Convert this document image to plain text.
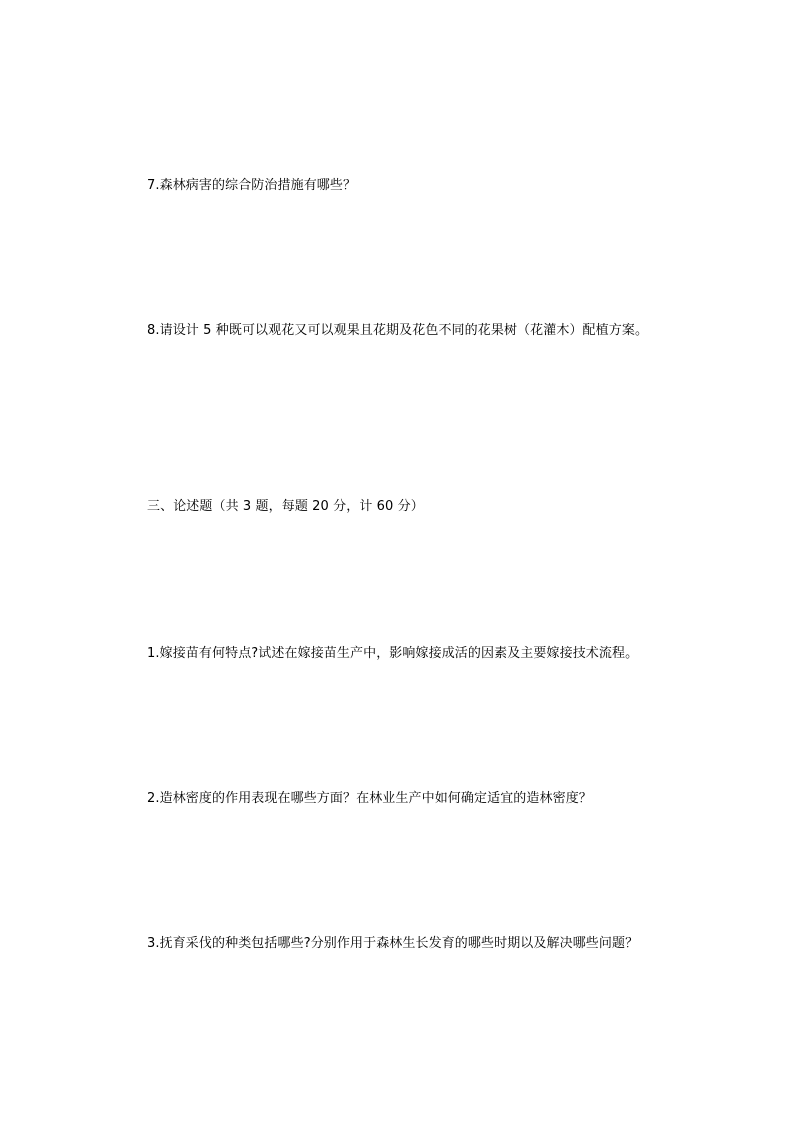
7.森林病害的综合防治措施有哪些？
8.请设计 5 种既可以观花又可以观果且花期及花色不同的花果树（花灌木）配植方案。
三、论述题（共 3 题，每题 20 分，计 60 分）
1.嫁接苗有何特点?试述在嫁接苗生产中，影响嫁接成活的因素及主要嫁接技术流程。
2.造林密度的作用表现在哪些方面？在林业生产中如何确定适宜的造林密度？
3.抚育采伐的种类包括哪些?分别作用于森林生长发育的哪些时期以及解决哪些问题？
